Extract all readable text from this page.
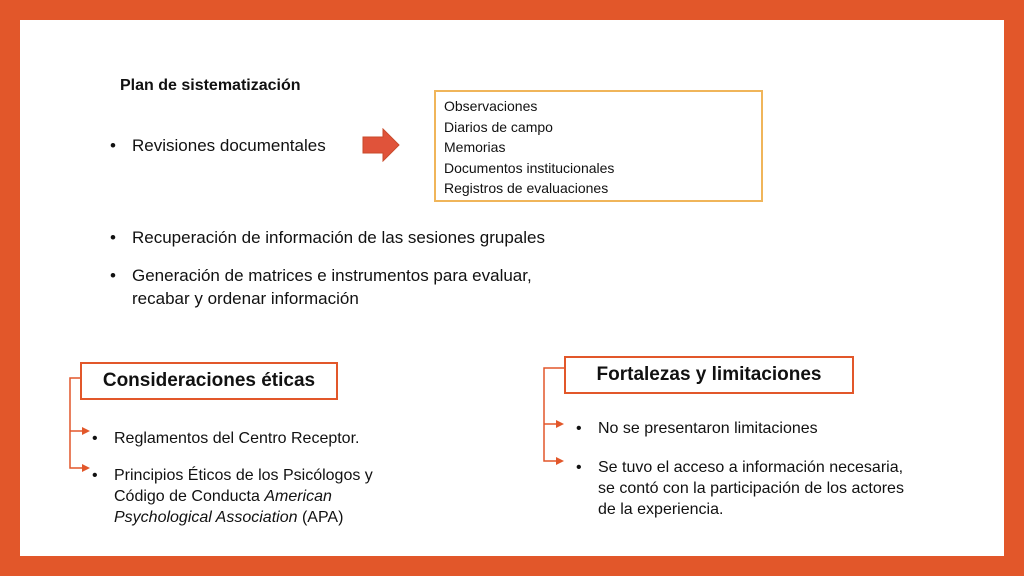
Plan de sistematización
• Revisiones documentales
Observaciones
Diarios de campo
Memorias
Documentos institucionales
Registros de evaluaciones
• Recuperación de información de las sesiones grupales
• Generación de matrices e instrumentos para evaluar,
recabar y ordenar información
Consideraciones éticas
• Reglamentos del Centro Receptor.
• Principios Éticos de los Psicólogos y
Código de Conducta American
Psychological Association (APA)
Fortalezas y limitaciones
• No se presentaron limitaciones
• Se tuvo el acceso a información necesaria,
se contó con la participación de los actores
de la experiencia.
